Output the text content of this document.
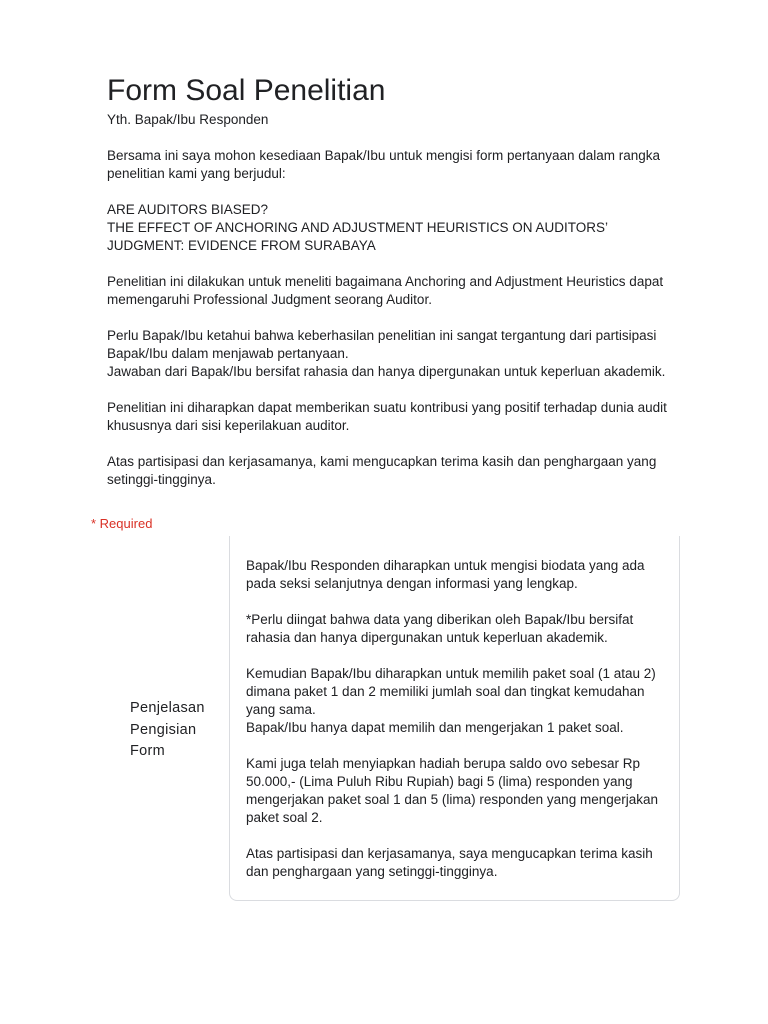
Form Soal Penelitian

Yth. Bapak/Ibu Responden

Bersama ini saya mohon kesediaan Bapak/Ibu untuk mengisi form pertanyaan dalam rangka penelitian kami yang berjudul:

ARE AUDITORS BIASED?

THE EFFECT OF ANCHORING AND ADJUSTMENT HEURISTICS ON AUDITORS’ JUDGMENT: EVIDENCE FROM SURABAYA

Penelitian ini dilakukan untuk meneliti bagaimana Anchoring and Adjustment Heuristics dapat memengaruhi Professional Judgment seorang Auditor.

Perlu Bapak/Ibu ketahui bahwa keberhasilan penelitian ini sangat tergantung dari partisipasi Bapak/Ibu dalam menjawab pertanyaan.

Jawaban dari Bapak/Ibu bersifat rahasia dan hanya dipergunakan untuk keperluan akademik.

Penelitian ini diharapkan dapat memberikan suatu kontribusi yang positif terhadap dunia audit khususnya dari sisi keperilakuan auditor.

Atas partisipasi dan kerjasamanya, kami mengucapkan terima kasih dan penghargaan yang setinggi-tingginya.

* Required
Penjelasan Pengisian Form

Bapak/Ibu Responden diharapkan untuk mengisi biodata yang ada pada seksi selanjutnya dengan informasi yang lengkap.

*Perlu diingat bahwa data yang diberikan oleh Bapak/Ibu bersifat rahasia dan hanya dipergunakan untuk keperluan akademik.

Kemudian Bapak/Ibu diharapkan untuk memilih paket soal (1 atau 2) dimana paket 1 dan 2 memiliki jumlah soal dan tingkat kemudahan yang sama.

Bapak/Ibu hanya dapat memilih dan mengerjakan 1 paket soal.

Kami juga telah menyiapkan hadiah berupa saldo ovo sebesar Rp 50.000,- (Lima Puluh Ribu Rupiah) bagi 5 (lima) responden yang mengerjakan paket soal 1 dan 5 (lima) responden yang mengerjakan paket soal 2.

Atas partisipasi dan kerjasamanya, saya mengucapkan terima kasih dan penghargaan yang setinggi-tingginya.
